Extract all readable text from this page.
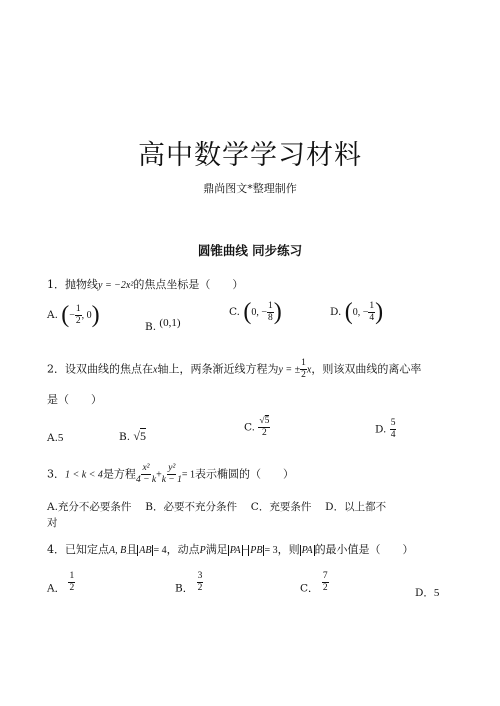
高中数学学习材料
鼎尚图文*整理制作
圆锥曲线 同步练习
1．抛物线y = −2x²的焦点坐标是（　　）
A. (− $\frac{1}{2}$ , 0)	B. (0,1)
C. (0, − $\frac{1}{8}$ )	D. (0, − $\frac{1}{4}$ )
2．设双曲线的焦点在x轴上，两条渐近线方程为y = ± $\frac{1}{2}$ x，则该双曲线的离心率
是（　　）
A.5	B. √5
C. $\frac{√5}{2}$	D. $\frac{5}{4}$
3．1 < k < 4是方程 $\frac{\text{x²}}{4 - k} + \frac{\text{y²}}{k - 1} = 1$表示椭圆的（　　）
A.充分不必要条件　 B．必要不充分条件　 C．充要条件　 D．以上都不
对
4．已知定点A, B且 AB = 4，动点P满足 PA − PB = 3，则 PA 的最小值是（　　）
A． $\frac{1}{2}$	B． $\frac{3}{2}$	C． $\frac{7}{2}$	D．5
